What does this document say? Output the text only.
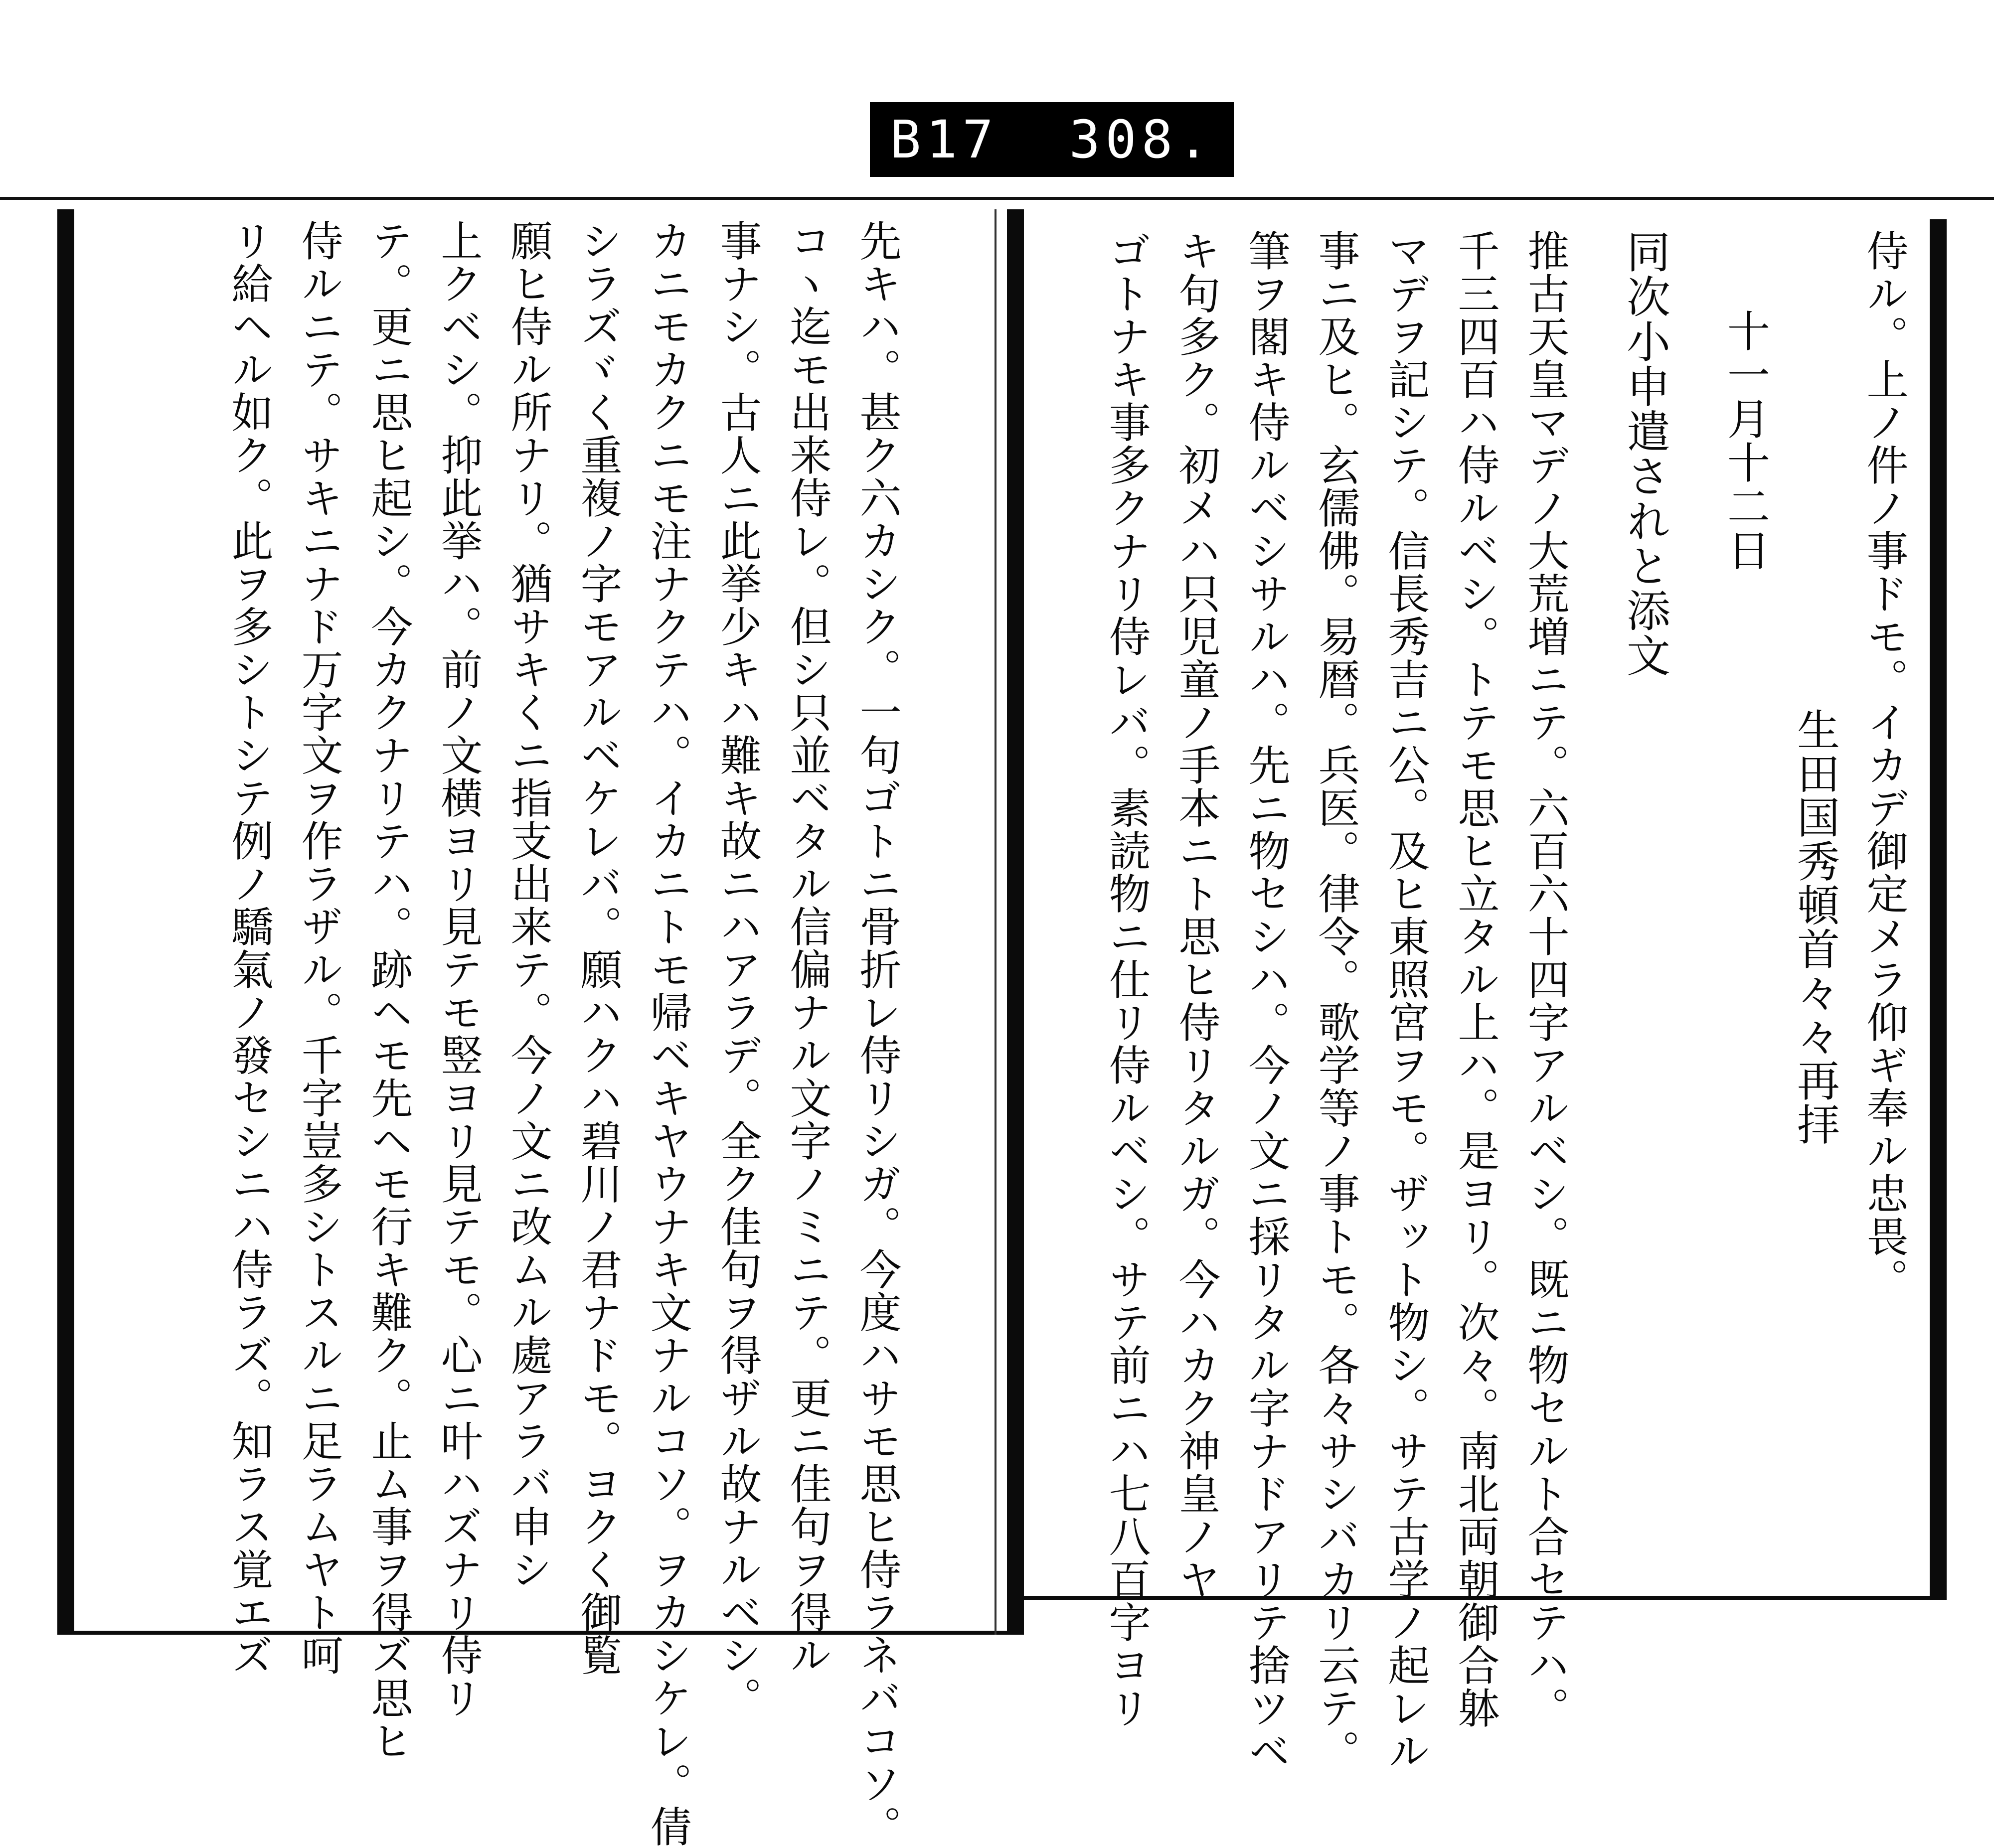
B17 308.
侍ル。上ノ件ノ事ドモ。イカデ御定メラ仰ギ奉ル忠畏。
生田国秀頓首々々再拝
十一月十二日
同次小申遣されと添文
推古天皇マデノ大荒増ニテ。六百六十四字アルベシ。既ニ物セルト合セテハ。
千三四百ハ侍ルベシ。トテモ思ヒ立タル上ハ。是ヨリ。次々。南北両朝御合躰
マデヲ記シテ。信長秀吉ニ公。及ヒ東照宮ヲモ。ザット物シ。サテ古学ノ起レル
事ニ及ヒ。玄儒佛。易暦。兵医。律令。歌学等ノ事トモ。各々サシバカリ云テ。
筆ヲ閣キ侍ルベシサルハ。先ニ物セシハ。今ノ文ニ採リタル字ナドアリテ捨ツベ
キ句多ク。初メハ只児童ノ手本ニト思ヒ侍リタルガ。今ハカク神皇ノヤ
ゴトナキ事多クナリ侍レバ。素読物ニ仕リ侍ルベシ。サテ前ニハ七八百字ヨリ
先キハ。甚ク六カシク。一句ゴトニ骨折レ侍リシガ。今度ハサモ思ヒ侍ラネバコソ。
コヽ迄モ出来侍レ。但シ只並ベタル信偏ナル文字ノミニテ。更ニ佳句ヲ得ル
事ナシ。古人ニ此挙少キハ難キ故ニハアラデ。全ク佳句ヲ得ザル故ナルベシ。
カニモカクニモ注ナクテハ。イカニトモ帰ベキヤウナキ文ナルコソ。ヲカシケレ。倩
シラズヾく重複ノ字モアルベケレバ。願ハクハ碧川ノ君ナドモ。ヨクく御覧
願ヒ侍ル所ナリ。猶サキくニ指支出来テ。今ノ文ニ改ムル處アラバ申シ
上クベシ。抑此挙ハ。前ノ文横ヨリ見テモ竪ヨリ見テモ。心ニ叶ハズナリ侍リ
テ。更ニ思ヒ起シ。今カクナリテハ。跡ヘモ先ヘモ行キ難ク。止ム事ヲ得ズ思ヒ
侍ルニテ。サキニナド万字文ヲ作ラザル。千字豈多シトスルニ足ラムヤト呵
リ給ヘル如ク。此ヲ多シトシテ例ノ驕氣ノ發セシニハ侍ラズ。知ラス覚エズ
